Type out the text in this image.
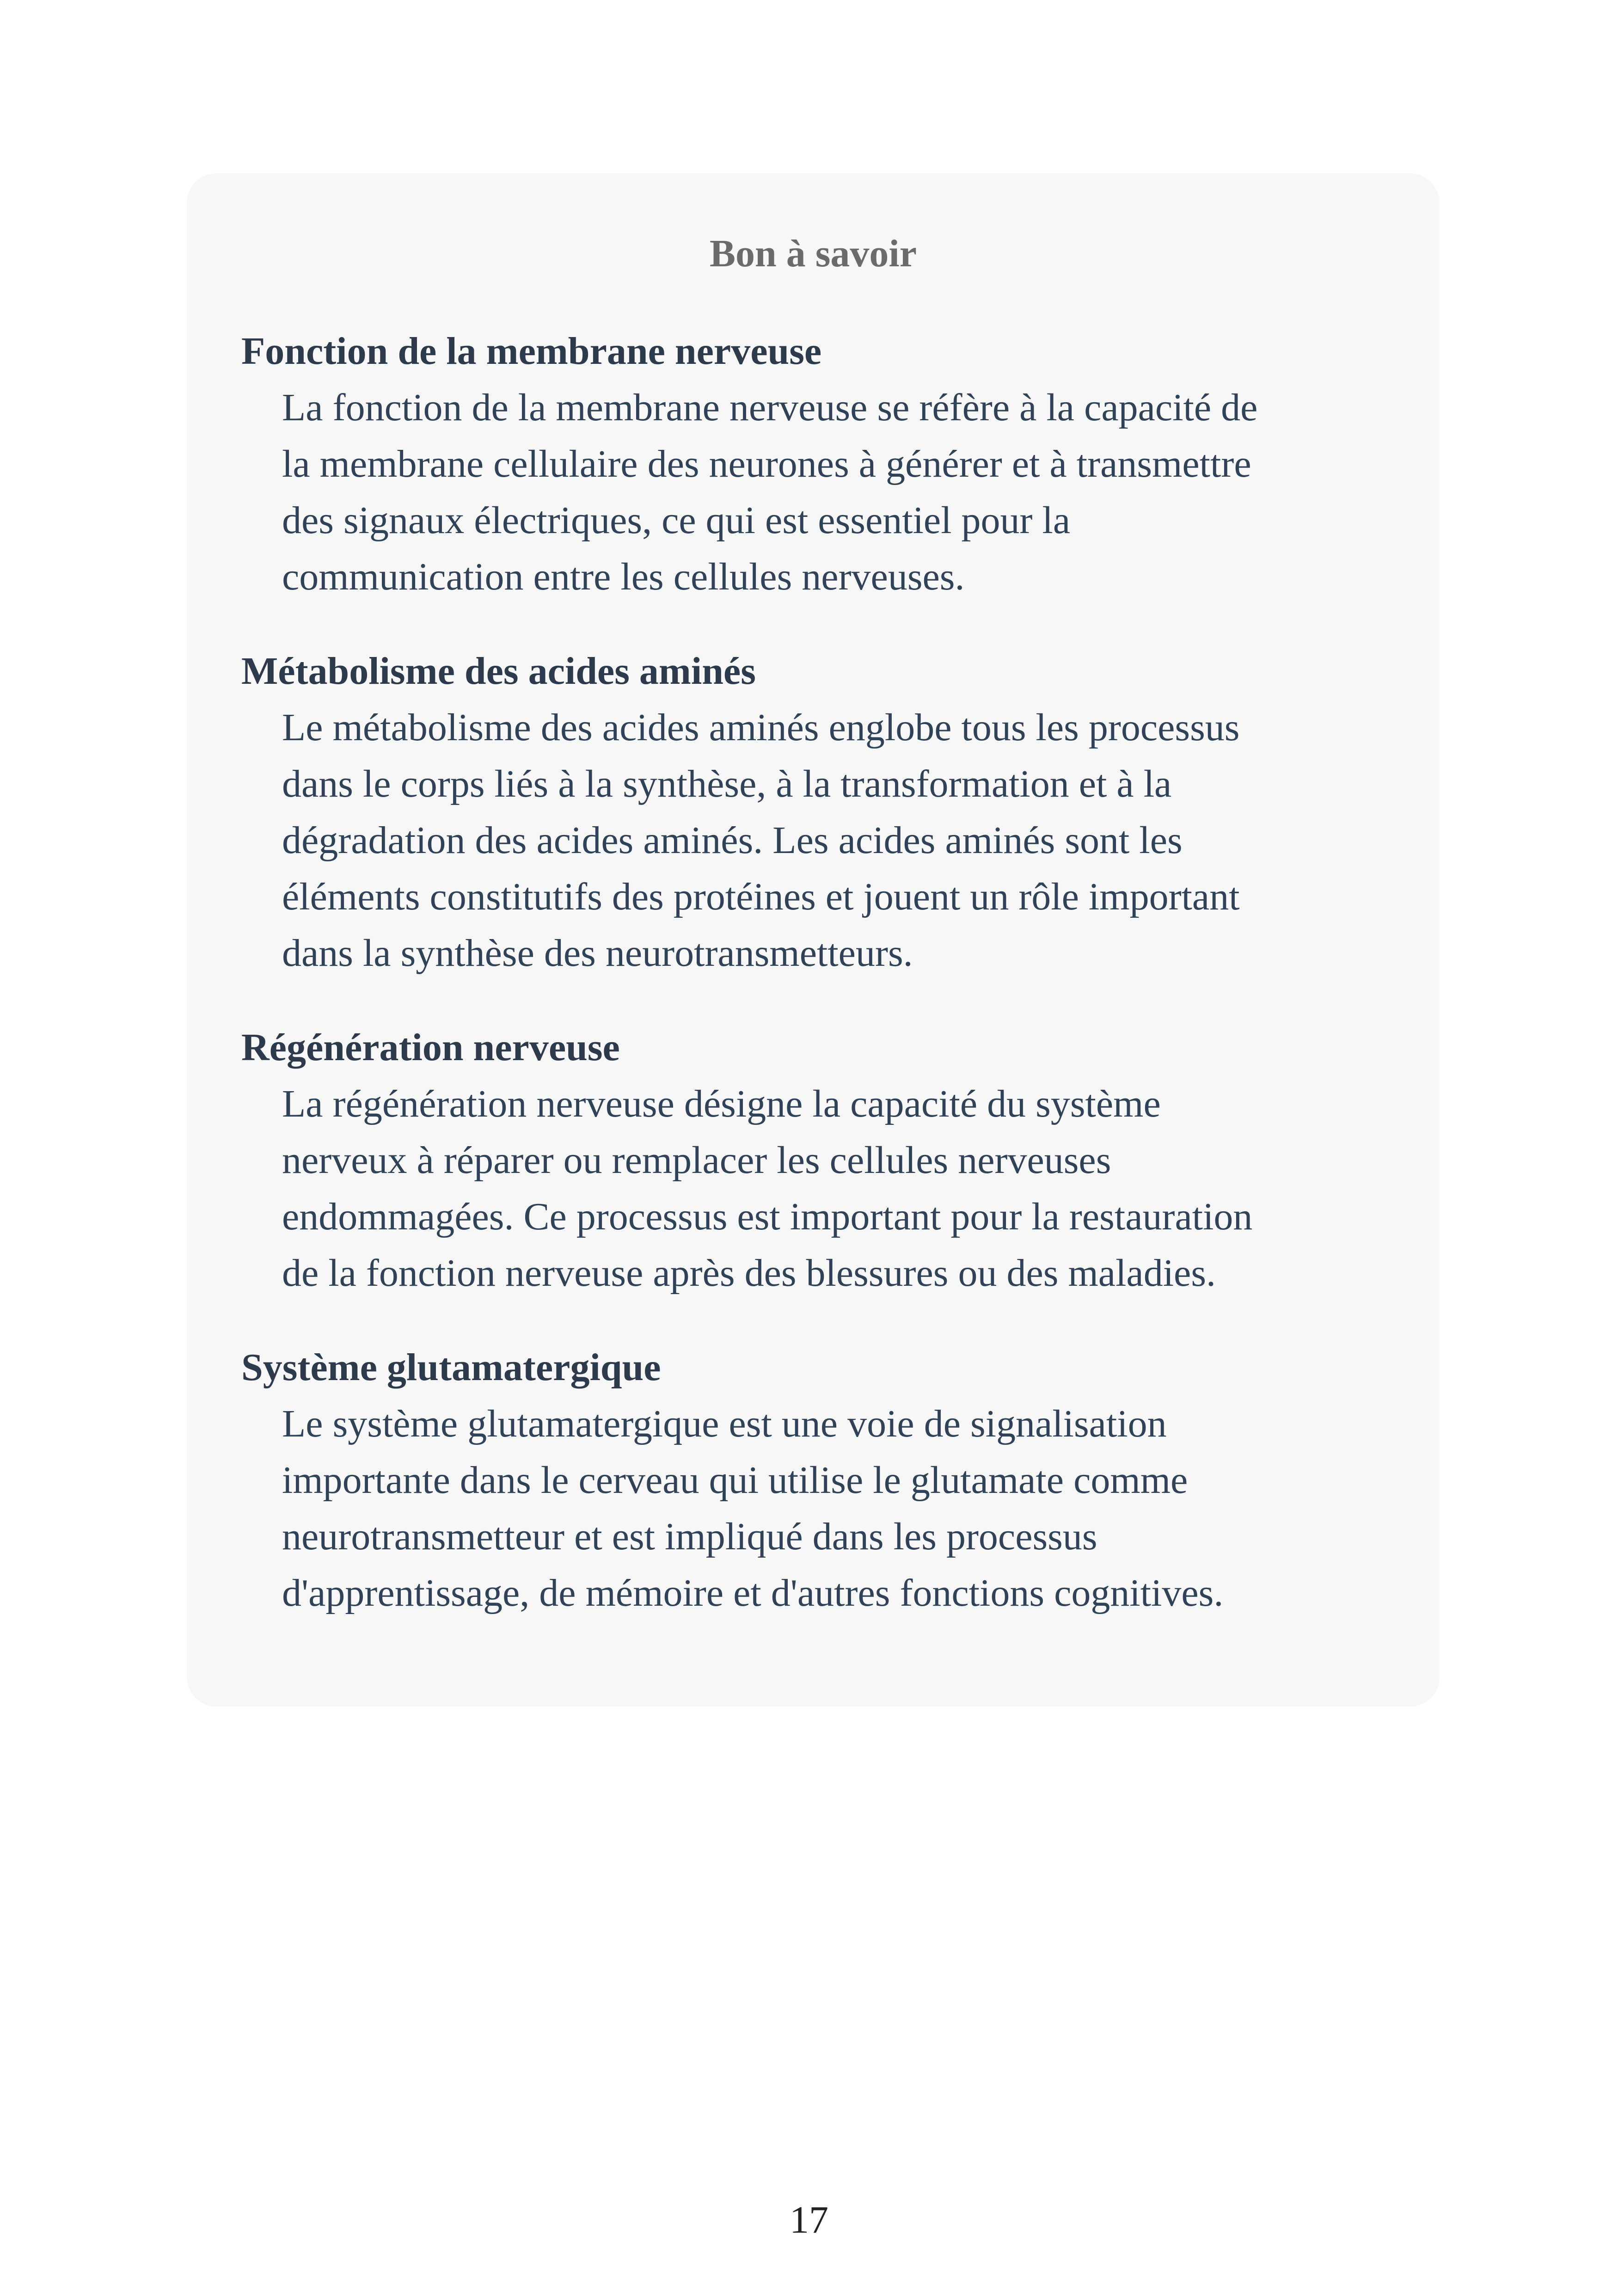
Bon à savoir
Fonction de la membrane nerveuse
La fonction de la membrane nerveuse se réfère à la capacité de
la membrane cellulaire des neurones à générer et à transmettre
des signaux électriques, ce qui est essentiel pour la
communication entre les cellules nerveuses.
Métabolisme des acides aminés
Le métabolisme des acides aminés englobe tous les processus
dans le corps liés à la synthèse, à la transformation et à la
dégradation des acides aminés. Les acides aminés sont les
éléments constitutifs des protéines et jouent un rôle important
dans la synthèse des neurotransmetteurs.
Régénération nerveuse
La régénération nerveuse désigne la capacité du système
nerveux à réparer ou remplacer les cellules nerveuses
endommagées. Ce processus est important pour la restauration
de la fonction nerveuse après des blessures ou des maladies.
Système glutamatergique
Le système glutamatergique est une voie de signalisation
importante dans le cerveau qui utilise le glutamate comme
neurotransmetteur et est impliqué dans les processus
d'apprentissage, de mémoire et d'autres fonctions cognitives.
17
